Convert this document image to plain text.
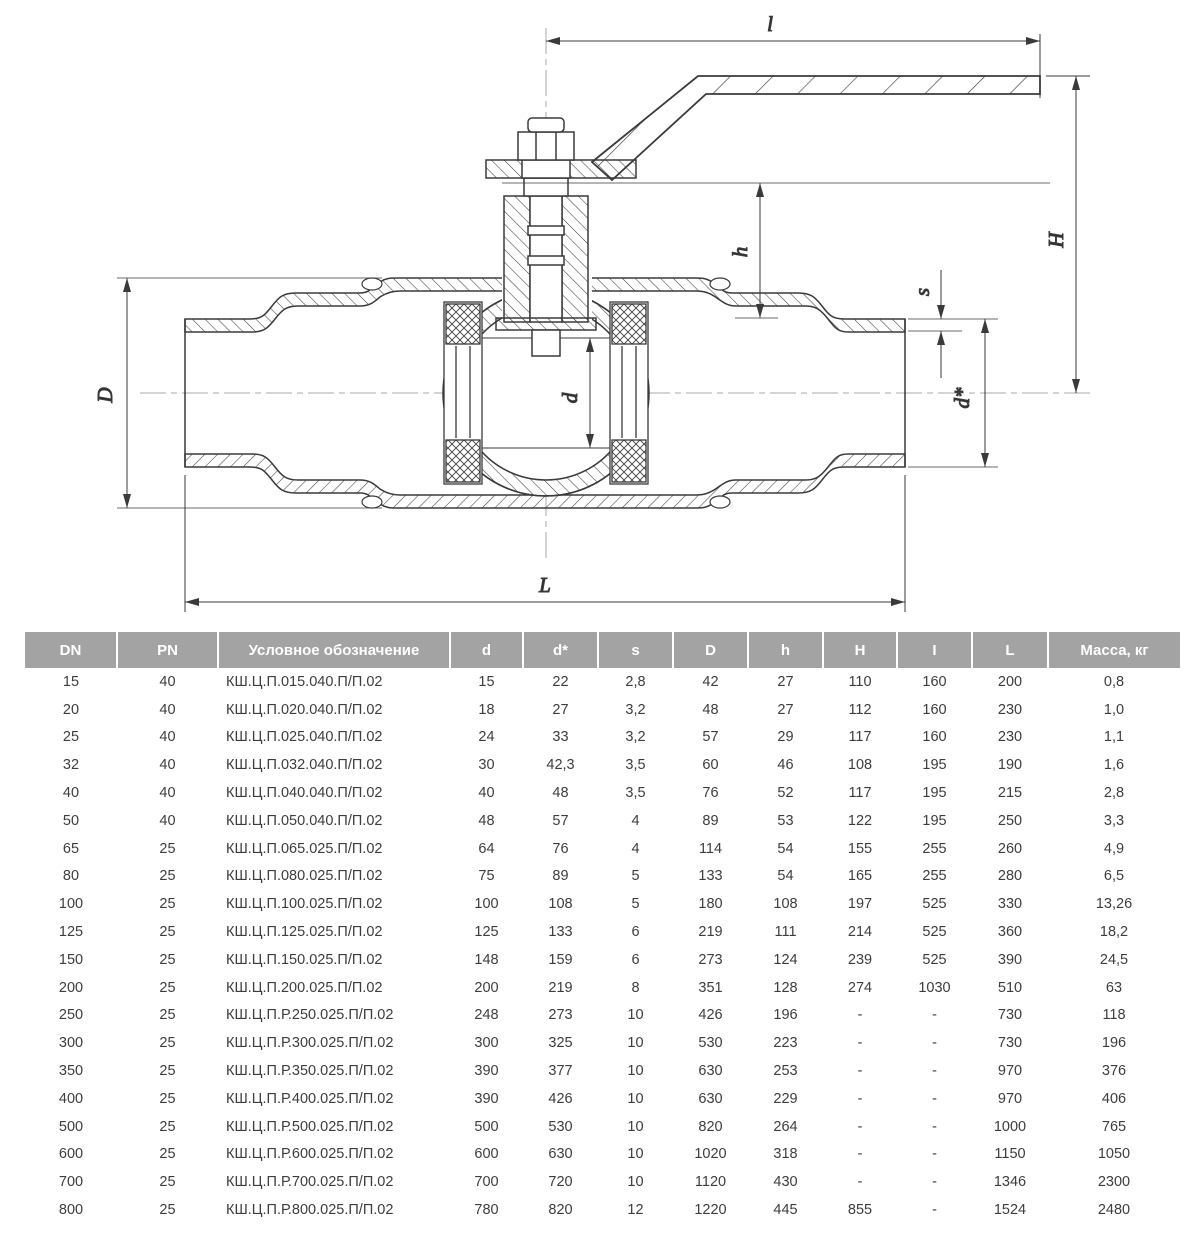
l
H
h
s
d*
D	d
L
DN	PN	Условное обозначение	d	d*	s	D	h	H	I	L	Масса, кг
15	40	КШ.Ц.П.015.040.П/П.02	15	22	2,8	42	27	110	160	200	0,8
20	40	КШ.Ц.П.020.040.П/П.02	18	27	3,2	48	27	112	160	230	1,0
25	40	КШ.Ц.П.025.040.П/П.02	24	33	3,2	57	29	117	160	230	1,1
32	40	КШ.Ц.П.032.040.П/П.02	30	42,3	3,5	60	46	108	195	190	1,6
40	40	КШ.Ц.П.040.040.П/П.02	40	48	3,5	76	52	117	195	215	2,8
50	40	КШ.Ц.П.050.040.П/П.02	48	57	4	89	53	122	195	250	3,3
65	25	КШ.Ц.П.065.025.П/П.02	64	76	4	114	54	155	255	260	4,9
80	25	КШ.Ц.П.080.025.П/П.02	75	89	5	133	54	165	255	280	6,5
100	25	КШ.Ц.П.100.025.П/П.02	100	108	5	180	108	197	525	330	13,26
125	25	КШ.Ц.П.125.025.П/П.02	125	133	6	219	111	214	525	360	18,2
150	25	КШ.Ц.П.150.025.П/П.02	148	159	6	273	124	239	525	390	24,5
200	25	КШ.Ц.П.200.025.П/П.02	200	219	8	351	128	274	1030	510	63
250	25	КШ.Ц.П.Р.250.025.П/П.02	248	273	10	426	196	-	-	730	118
300	25	КШ.Ц.П.Р.300.025.П/П.02	300	325	10	530	223	-	-	730	196
350	25	КШ.Ц.П.Р.350.025.П/П.02	390	377	10	630	253	-	-	970	376
400	25	КШ.Ц.П.Р.400.025.П/П.02	390	426	10	630	229	-	-	970	406
500	25	КШ.Ц.П.Р.500.025.П/П.02	500	530	10	820	264	-	-	1000	765
600	25	КШ.Ц.П.Р.600.025.П/П.02	600	630	10	1020	318	-	-	1150	1050
700	25	КШ.Ц.П.Р.700.025.П/П.02	700	720	10	1120	430	-	-	1346	2300
800	25	КШ.Ц.П.Р.800.025.П/П.02	780	820	12	1220	445	855	-	1524	2480
